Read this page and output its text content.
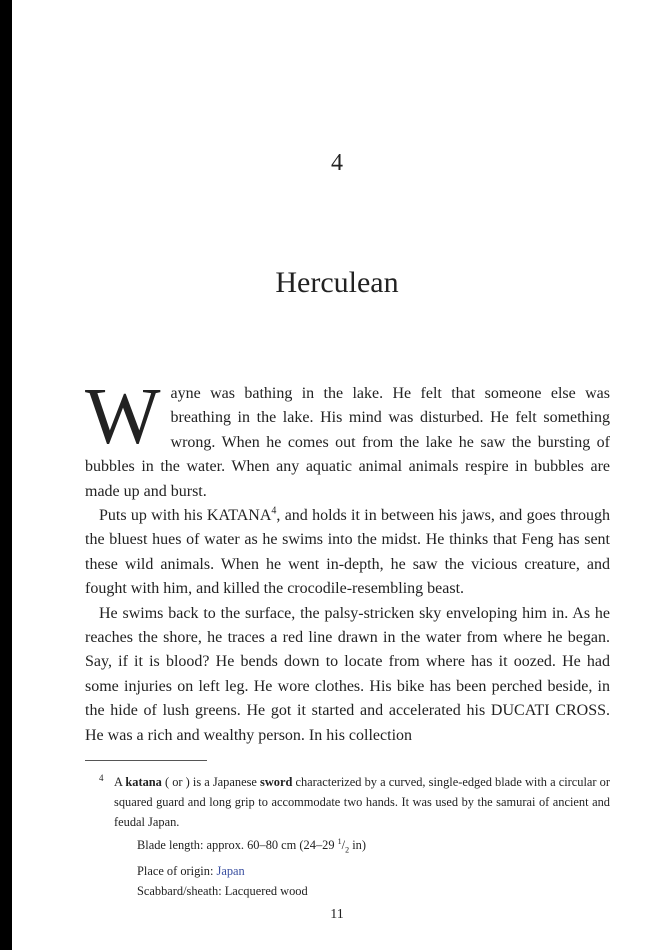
4
Herculean

Wayne was bathing in the lake. He felt that someone else was breathing in the lake. His mind was disturbed. He felt something wrong. When he comes out from the lake he saw the bursting of bubbles in the water. When any aquatic animal animals respire in bubbles are made up and burst.

Puts up with his KATANA$^4$, and holds it in between his jaws, and goes through the bluest hues of water as he swims into the midst. He thinks that Feng has sent these wild animals. When he went in-depth, he saw the vicious creature, and fought with him, and killed the crocodile-resembling beast.

He swims back to the surface, the palsy-stricken sky enveloping him in. As he reaches the shore, he traces a red line drawn in the water from where he began. Say, if it is blood? He bends down to locate from where has it oozed. He had some injuries on left leg. He wore clothes. His bike has been perched beside, in the hide of lush greens. He got it started and accelerated his DUCATI CROSS. He was a rich and wealthy person. In his collection

4 A katana ( or ) is a Japanese sword characterized by a curved, single-edged blade with a circular or squared guard and long grip to accommodate two hands. It was used by the samurai of ancient and feudal Japan.
Blade length: approx. 60–80 cm (24–29 $^1/_2$ in)
Place of origin: Japan
Scabbard/sheath: Lacquered wood
11
